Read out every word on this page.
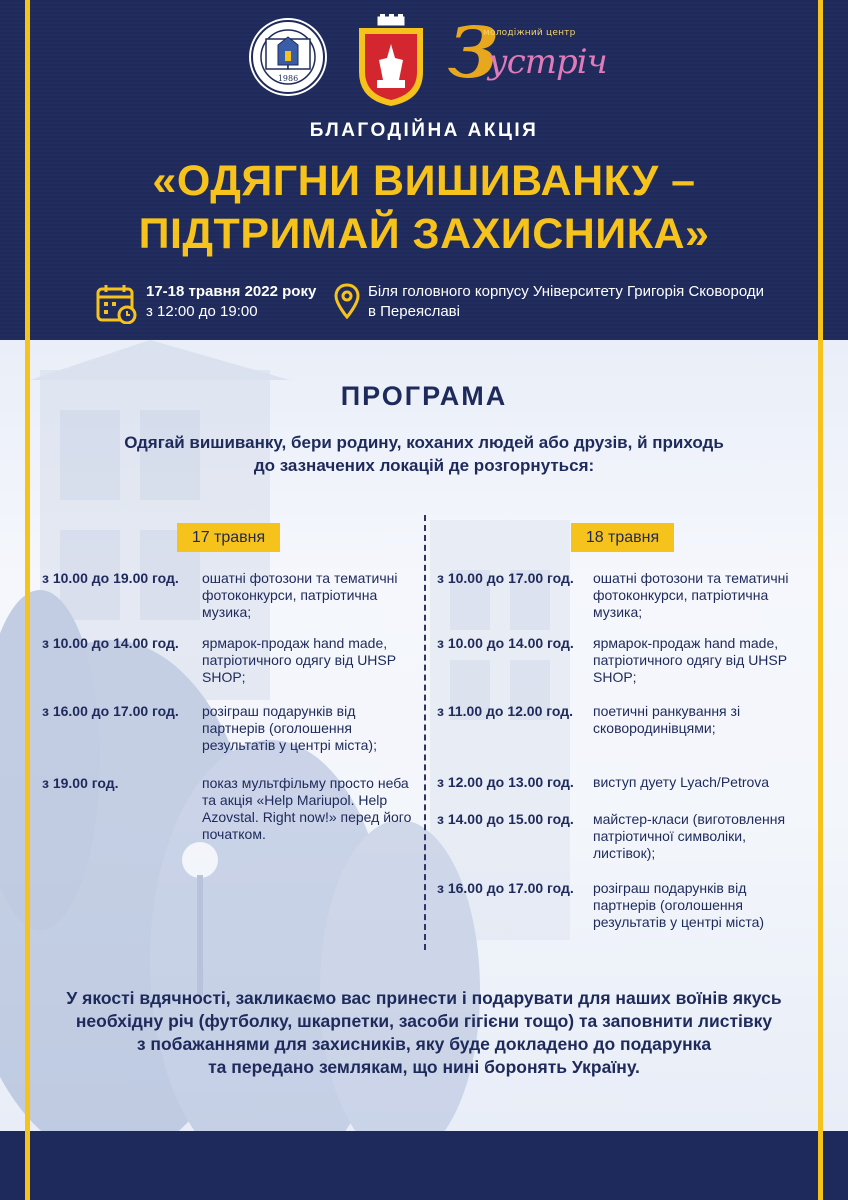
1986 З
молодіжний центр
устріч
БЛАГОДІЙНА АКЦІЯ
«ОДЯГНИ ВИШИВАНКУ –
ПІДТРИМАЙ ЗАХИСНИКА»
17-18 травня 2022 року
з 12:00 до 19:00
Біля головного корпусу Університету Григорія Сковороди
в Переяславі
ПРОГРАМА
Одягай вишиванку, бери родину, коханих людей або друзів, й приходь
до зазначених локацій де розгорнуться:
17 травня	18 травня
з 10.00 до 19.00 год. ошатні фотозони та тематичні фотоконкурси, патріотична музика;
з 10.00 до 14.00 год. ярмарок-продаж hand made, патріотичного одягу від UHSP SHOP;
з 16.00 до 17.00 год. розіграш подарунків від партнерів (оголошення результатів у центрі міста);
з 19.00 год.	показ мультфільму просто неба та акція «Help Mariupol. Help Azovstal. Right now!» перед його початком.
з 10.00 до 17.00 год. ошатні фотозони та тематичні фотоконкурси, патріотична музика;
з 10.00 до 14.00 год. ярмарок-продаж hand made, патріотичного одягу від UHSP SHOP;
з 11.00 до 12.00 год. поетичні ранкування зі сковородинівцями;
з 12.00 до 13.00 год. виступ дуету Lyach/Petrova
з 14.00 до 15.00 год. майстер-класи (виготовлення патріотичної символіки, листівок);
з 16.00 до 17.00 год. розіграш подарунків від партнерів (оголошення результатів у центрі міста)
У якості вдячності, закликаємо вас принести і подарувати для наших воїнів якусь
необхідну річ (футболку, шкарпетки, засоби гігієни тощо) та заповнити листівку
з побажаннями для захисників, яку буде докладено до подарунка
та передано землякам, що нині боронять Україну.
